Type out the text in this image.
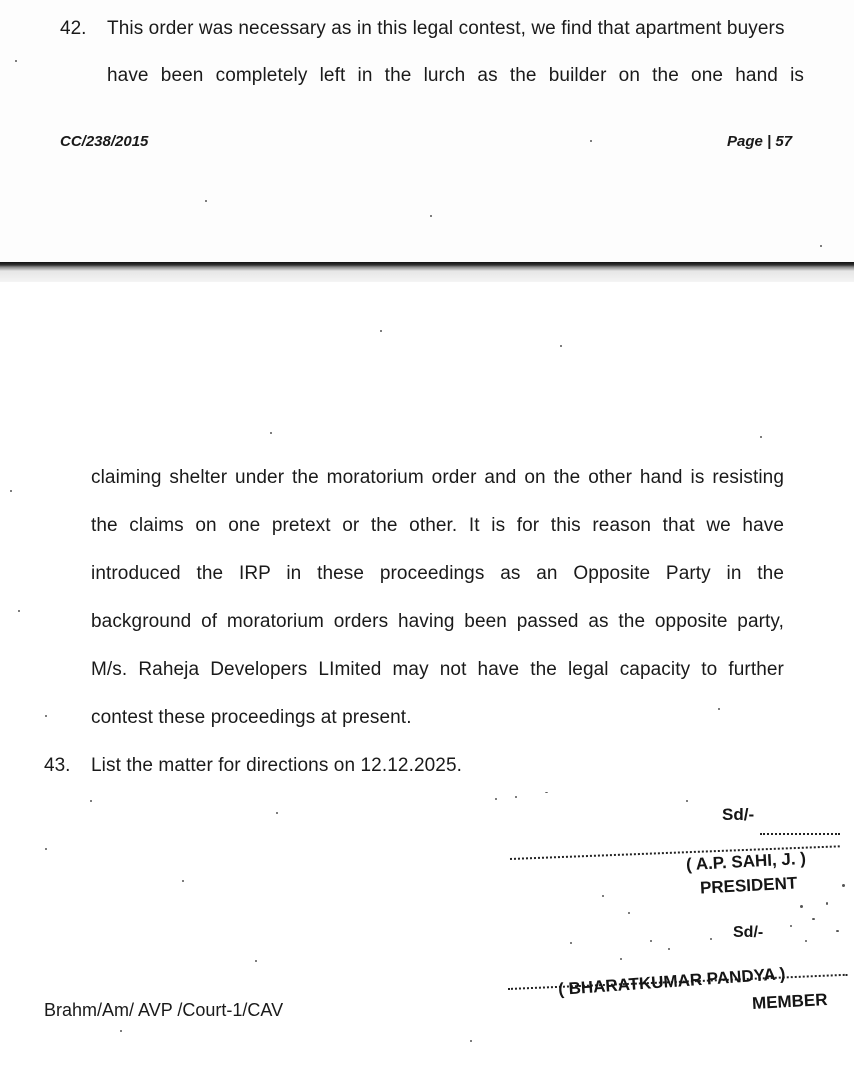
42. This order was necessary as in this legal contest, we find that apartment buyers
have been completely left in the lurch as the builder on the one hand is
CC/238/2015	Page | 57
claiming shelter under the moratorium order and on the other hand is resisting
the claims on one pretext or the other. It is for this reason that we have
introduced the IRP in these proceedings as an Opposite Party in the
background of moratorium orders having been passed as the opposite party,
M/s. Raheja Developers LImited may not have the legal capacity to further
contest these proceedings at present.
43. List the matter for directions on 12.12.2025.
Sd/-
( A.P. SAHI, J. )
PRESIDENT
Sd/-
( BHARATKUMAR PANDYA )
MEMBER
Brahm/Am/ AVP /Court-1/CAV
